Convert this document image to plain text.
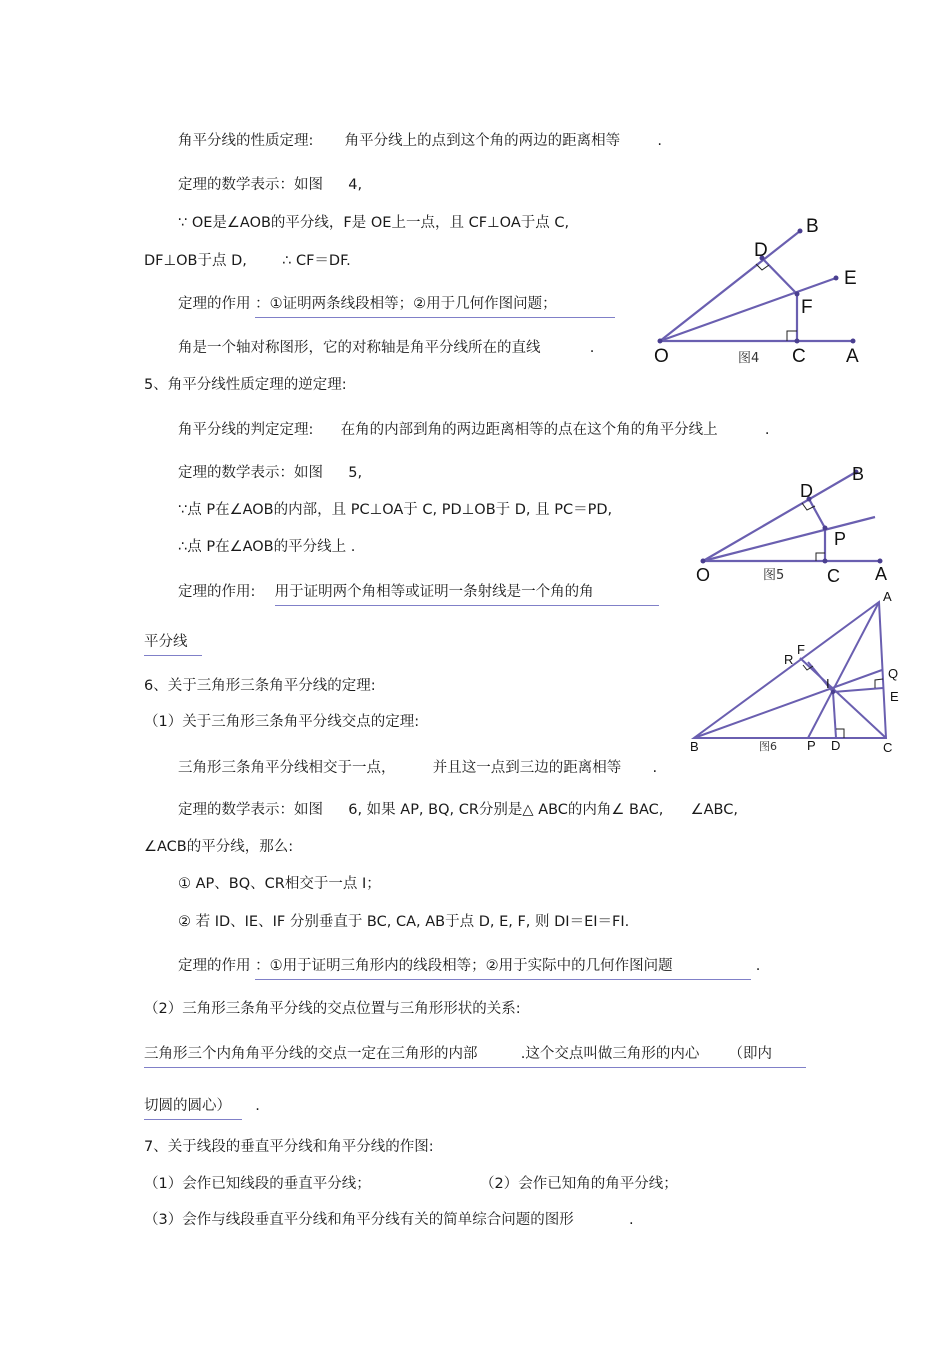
角平分线的性质定理: 角平分线上的点到这个角的两边的距离相等	.
定理的数学表示：如图 4,
∵ OE是∠AOB的平分线，F是 OE上一点，且 CF⊥OA于点 C,
DF⊥OB于点 D, ∴ CF＝DF.
定理的作用 ：①证明两条线段相等；②用于几何作图问题；
角是一个轴对称图形，它的对称轴是角平分线所在的直线	.	O	C A
B
D
E
F
图4
5、角平分线性质定理的逆定理:
角平分线的判定定理: 在角的内部到角的两边距离相等的点在这个角的角平分线上	.
定理的数学表示：如图 5,
∵点 P在∠AOB的内部，且 PC⊥OA于 C, PD⊥OB于 D, 且 PC＝PD,
∴点 P在∠AOB的平分线上 .
定理的作用: 用于证明两个角相等或证明一条射线是一个角的角
平分线
O	C A
B
D
P
图5
6、关于三角形三条角平分线的定理:
（1）关于三角形三条角平分线交点的定理:
三角形三条角平分线相交于一点，	并且这一点到三边的距离相等 .
定理的数学表示：如图 6, 如果 AP, BQ, CR分别是△ ABC的内角∠ BAC, ∠ABC,
∠ACB的平分线，那么:
① AP、BQ、CR相交于一点 I；
② 若 ID、IE、IF 分别垂直于 BC, CA, AB于点 D, E, F, 则 DI＝EI＝FI.
定理的作用 ：①用于证明三角形内的线段相等；②用于实际中的几何作图问题	.
（2）三角形三条角平分线的交点位置与三角形形状的关系:
三角形三个内角角平分线的交点一定在三角形的内部	.这个交点叫做三角形的内心 （即内
切圆的圆心） .
A
B	C
P D
Q
E
R
F
I
图6
7、关于线段的垂直平分线和角平分线的作图:
（1）会作已知线段的垂直平分线；	（2）会作已知角的角平分线；
（3）会作与线段垂直平分线和角平分线有关的简单综合问题的图形	.
